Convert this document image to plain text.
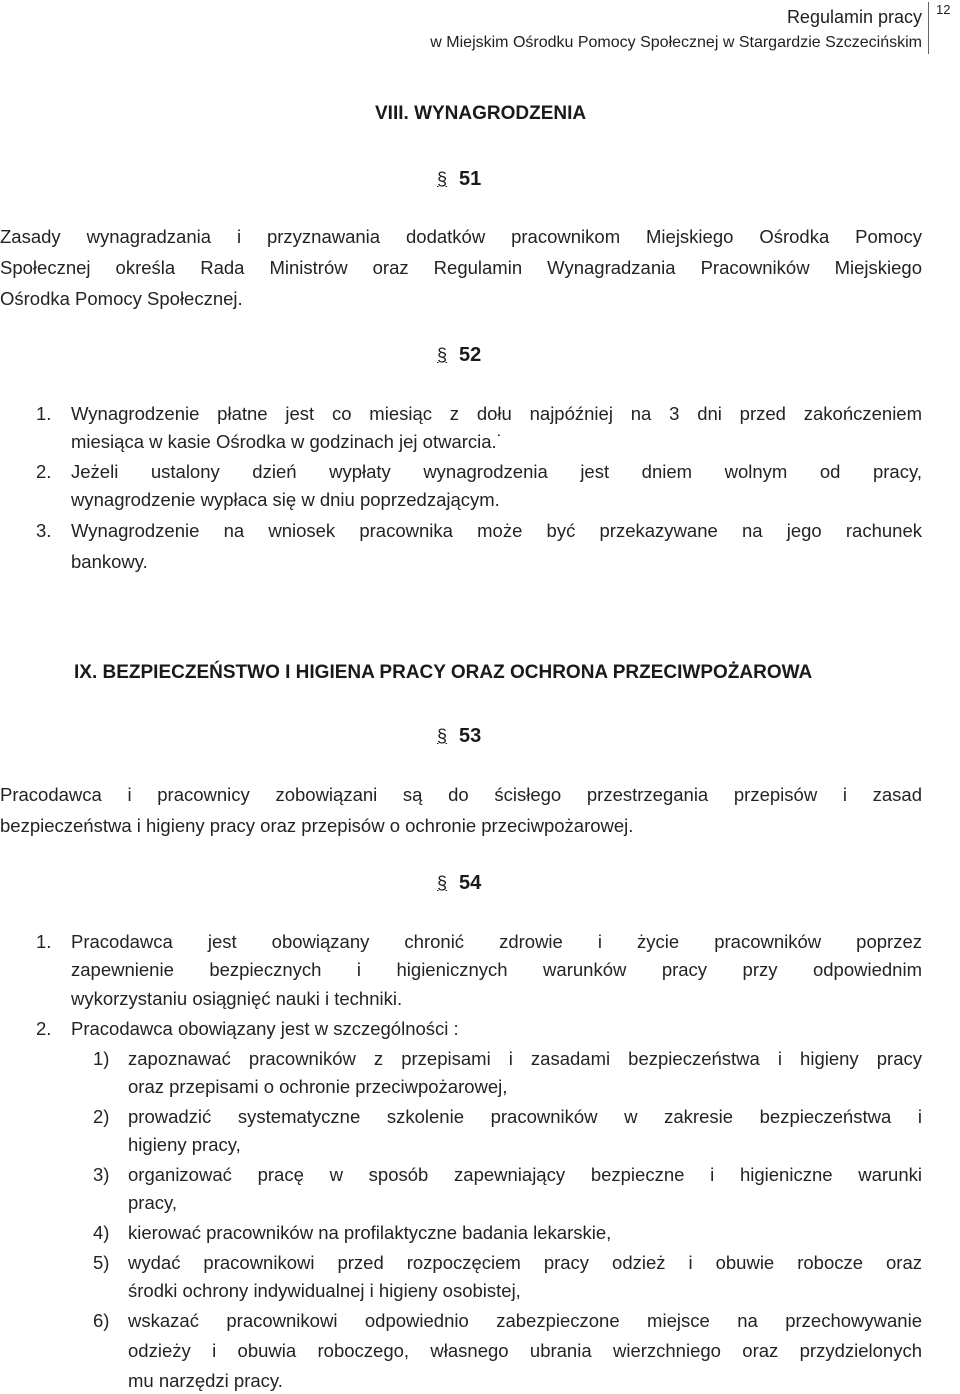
Regulamin pracy
w Miejskim Ośrodku Pomocy Społecznej w Stargardzie Szczecińskim
12
VIII. WYNAGRODZENIA
§ 51
Zasady wynagradzania i przyznawania dodatków pracownikom Miejskiego Ośrodka Pomocy
Społecznej określa Rada Ministrów oraz Regulamin Wynagradzania Pracowników Miejskiego
Ośrodka Pomocy Społecznej.
§ 52
1. Wynagrodzenie płatne jest co miesiąc z dołu najpóźniej na 3 dni przed zakończeniem
miesiąca w kasie Ośrodka w godzinach jej otwarcia.˙
2. Jeżeli ustalony dzień wypłaty wynagrodzenia jest dniem wolnym od pracy,
wynagrodzenie wypłaca się w dniu poprzedzającym.
3. Wynagrodzenie na wniosek pracownika może być przekazywane na jego rachunek
bankowy.
IX. BEZPIECZEŃSTWO I HIGIENA PRACY ORAZ OCHRONA PRZECIWPOŻAROWA
§ 53
Pracodawca i pracownicy zobowiązani są do ścisłego przestrzegania przepisów i zasad
bezpieczeństwa i higieny pracy oraz przepisów o ochronie przeciwpożarowej.
§ 54
1. Pracodawca jest obowiązany chronić zdrowie i życie pracowników poprzez
zapewnienie bezpiecznych i higienicznych warunków pracy przy odpowiednim
wykorzystaniu osiągnięć nauki i techniki.
2. Pracodawca obowiązany jest w szczególności :
1) zapoznawać pracowników z przepisami i zasadami bezpieczeństwa i higieny pracy
oraz przepisami o ochronie przeciwpożarowej,
2) prowadzić systematyczne szkolenie pracowników w zakresie bezpieczeństwa i
higieny pracy,
3) organizować pracę w sposób zapewniający bezpieczne i higieniczne warunki
pracy,
4) kierować pracowników na profilaktyczne badania lekarskie,
5) wydać pracownikowi przed rozpoczęciem pracy odzież i obuwie robocze oraz
środki ochrony indywidualnej i higieny osobistej,
6) wskazać pracownikowi odpowiednio zabezpieczone miejsce na przechowywanie
odzieży i obuwia roboczego, własnego ubrania wierzchniego oraz przydzielonych
mu narzędzi pracy.
